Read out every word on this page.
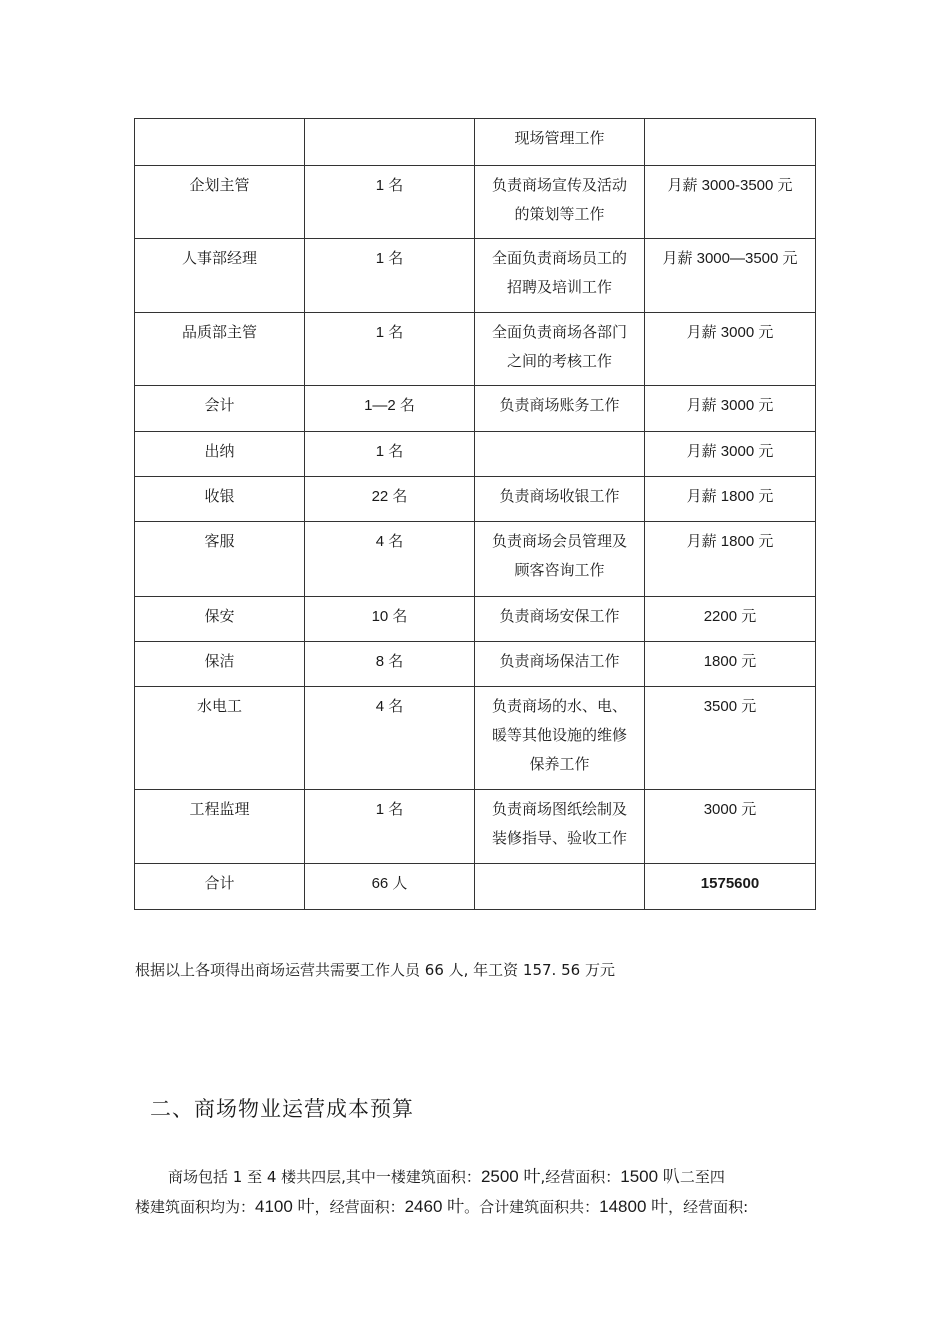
		现场管理工作	
企划主管	1 名	负责商场宣传及活动的策划等工作	月薪 3000-3500 元
人事部经理	1 名	全面负责商场员工的招聘及培训工作	月薪 3000—3500 元
品质部主管	1 名	全面负责商场各部门之间的考核工作	月薪 3000 元
会计	1—2 名	负责商场账务工作	月薪 3000 元
出纳	1 名		月薪 3000 元
收银	22 名	负责商场收银工作	月薪 1800 元
客服	4 名	负责商场会员管理及顾客咨询工作	月薪 1800 元
保安	10 名	负责商场安保工作	2200 元
保洁	8 名	负责商场保洁工作	1800 元
水电工	4 名	负责商场的水、电、暖等其他设施的维修保养工作	3500 元
工程监理	1 名	负责商场图纸绘制及装修指导、验收工作	3000 元
合计	66 人		1575600
根据以上各项得出商场运营共需要工作人员 66 人, 年工资 157. 56 万元
二、商场物业运营成本预算
商场包括 1 至 4 楼共四层,其中一楼建筑面积：2500 叶,经营面积：1500 叭二至四
楼建筑面积均为：4100 叶，经营面积：2460 叶。合计建筑面积共：14800 叶，经营面积:
